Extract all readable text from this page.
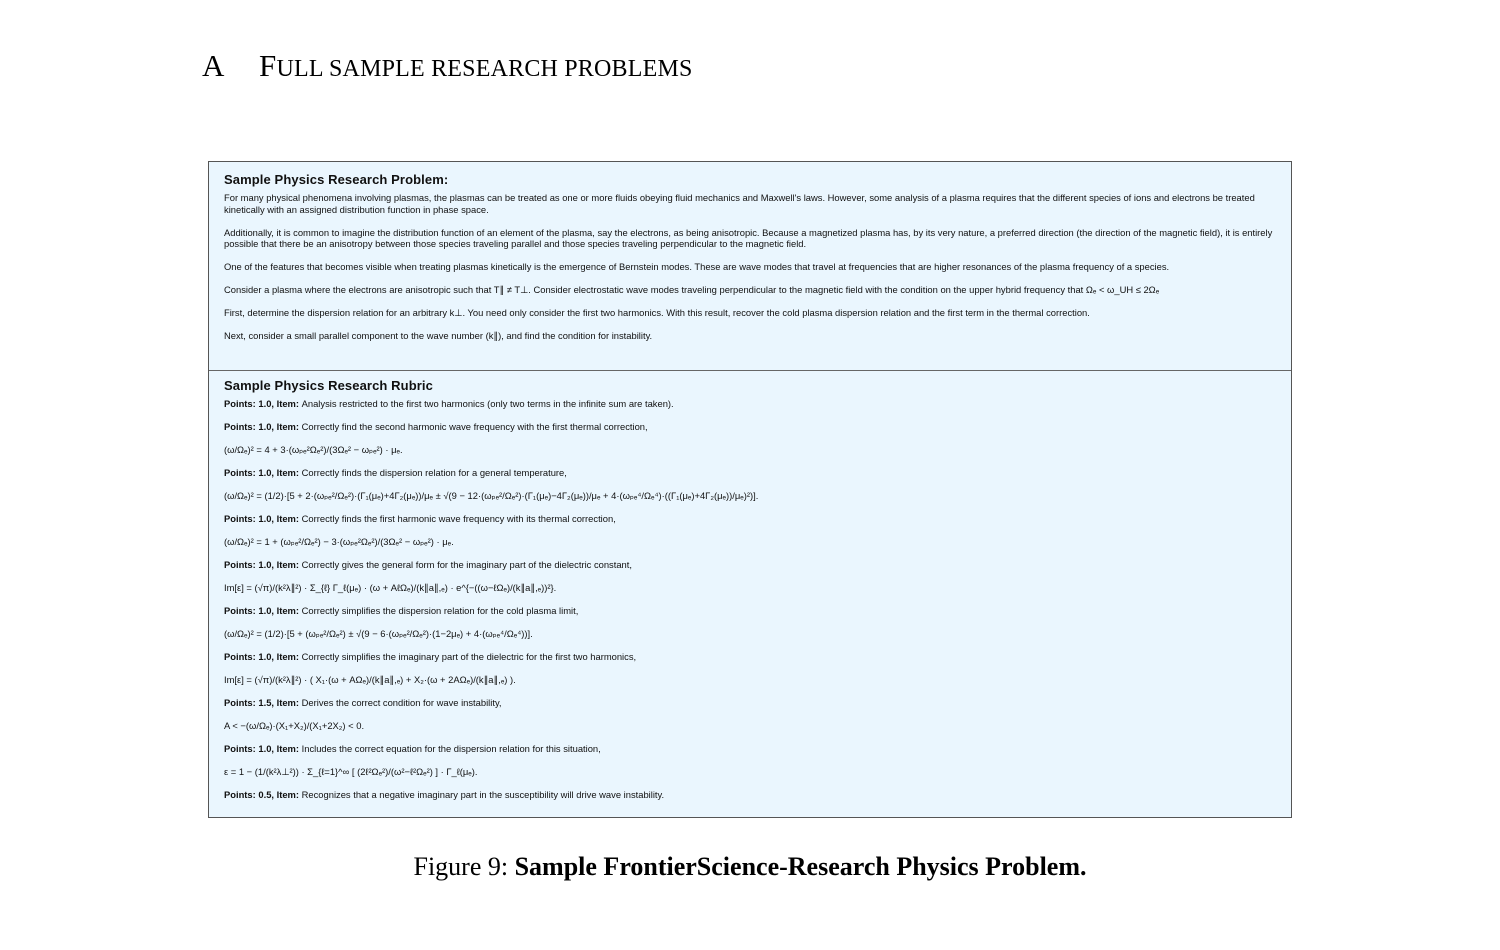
A FULL SAMPLE RESEARCH PROBLEMS
Sample Physics Research Problem:
For many physical phenomena involving plasmas, the plasmas can be treated as one or more fluids obeying fluid mechanics and Maxwell's laws. However, some analysis of a plasma requires that the different species of ions and electrons be treated kinetically with an assigned distribution function in phase space.
Additionally, it is common to imagine the distribution function of an element of the plasma, say the electrons, as being anisotropic. Because a magnetized plasma has, by its very nature, a preferred direction (the direction of the magnetic field), it is entirely possible that there be an anisotropy between those species traveling parallel and those species traveling perpendicular to the magnetic field.
One of the features that becomes visible when treating plasmas kinetically is the emergence of Bernstein modes. These are wave modes that travel at frequencies that are higher resonances of the plasma frequency of a species.
Consider a plasma where the electrons are anisotropic such that T∥ ≠ T⊥. Consider electrostatic wave modes traveling perpendicular to the magnetic field with the condition on the upper hybrid frequency that Ωₑ < ω_UH ≤ 2Ωₑ
First, determine the dispersion relation for an arbitrary k⊥. You need only consider the first two harmonics. With this result, recover the cold plasma dispersion relation and the first term in the thermal correction.
Next, consider a small parallel component to the wave number (k∥), and find the condition for instability.
Sample Physics Research Rubric
Points: 1.0, Item: Analysis restricted to the first two harmonics (only two terms in the infinite sum are taken).
Points: 1.0, Item: Correctly find the second harmonic wave frequency with the first thermal correction,
(ω/Ωₑ)² = 4 + 3·(ωₚₑ²Ωₑ²)/(3Ωₑ² − ωₚₑ²) · μₑ.
Points: 1.0, Item: Correctly finds the dispersion relation for a general temperature,
(ω/Ωₑ)² = (1/2)·[5 + 2·(ωₚₑ²/Ωₑ²)·(Γ₁(μₑ)+4Γ₂(μₑ))/μₑ ± √(9 − 12·(ωₚₑ²/Ωₑ²)·(Γ₁(μₑ)−4Γ₂(μₑ))/μₑ + 4·(ωₚₑ⁴/Ωₑ⁴)·((Γ₁(μₑ)+4Γ₂(μₑ))/μₑ)²)].
Points: 1.0, Item: Correctly finds the first harmonic wave frequency with its thermal correction,
(ω/Ωₑ)² = 1 + (ωₚₑ²/Ωₑ²) − 3·(ωₚₑ²Ωₑ²)/(3Ωₑ² − ωₚₑ²) · μₑ.
Points: 1.0, Item: Correctly gives the general form for the imaginary part of the dielectric constant,
Im[ε] = (√π)/(k²λ∥²) · Σ_{ℓ} Γ_ℓ(μₑ) · (ω + AℓΩₑ)/(k∥a∥,ₑ) · e^{−((ω−ℓΩₑ)/(k∥a∥,ₑ))²}.
Points: 1.0, Item: Correctly simplifies the dispersion relation for the cold plasma limit,
(ω/Ωₑ)² = (1/2)·[5 + (ωₚₑ²/Ωₑ²) ± √(9 − 6·(ωₚₑ²/Ωₑ²)·(1−2μₑ) + 4·(ωₚₑ⁴/Ωₑ⁴))].
Points: 1.0, Item: Correctly simplifies the imaginary part of the dielectric for the first two harmonics,
Im[ε] = (√π)/(k²λ∥²) · ( X₁·(ω + AΩₑ)/(k∥a∥,ₑ) + X₂·(ω + 2AΩₑ)/(k∥a∥,ₑ) ).
Points: 1.5, Item: Derives the correct condition for wave instability,
A < −(ω/Ωₑ)·(X₁+X₂)/(X₁+2X₂) < 0.
Points: 1.0, Item: Includes the correct equation for the dispersion relation for this situation,
ε = 1 − (1/(k²λ⊥²)) · Σ_{ℓ=1}^∞ [ (2ℓ²Ωₑ²)/(ω²−ℓ²Ωₑ²) ] · Γ_ℓ(μₑ).
Points: 0.5, Item: Recognizes that a negative imaginary part in the susceptibility will drive wave instability.
Figure 9: Sample FrontierScience-Research Physics Problem.
